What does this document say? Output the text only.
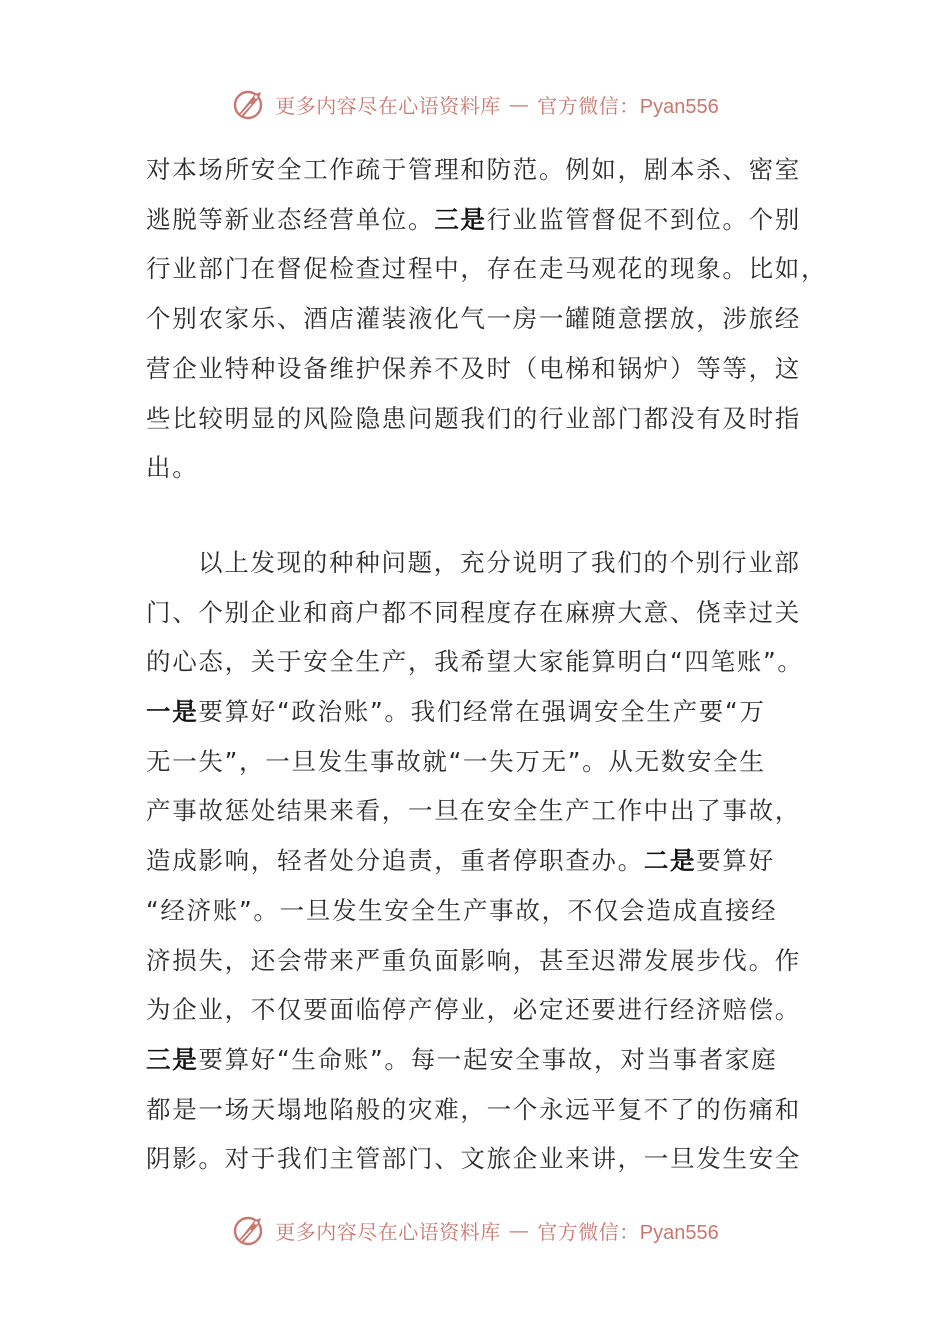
更多内容尽在心语资料库 — 官方微信：Pyan556
对本场所安全工作疏于管理和防范。例如，剧本杀、密室
逃脱等新业态经营单位。三是行业监管督促不到位。个别
行业部门在督促检查过程中，存在走马观花的现象。比如，
个别农家乐、酒店灌装液化气一房一罐随意摆放，涉旅经
营企业特种设备维护保养不及时（电梯和锅炉）等等，这
些比较明显的风险隐患问题我们的行业部门都没有及时指
出。
以上发现的种种问题，充分说明了我们的个别行业部
门、个别企业和商户都不同程度存在麻痹大意、侥幸过关
的心态，关于安全生产，我希望大家能算明白“四笔账”。
一是要算好“政治账”。我们经常在强调安全生产要“万
无一失”，一旦发生事故就“一失万无”。从无数安全生
产事故惩处结果来看，一旦在安全生产工作中出了事故，
造成影响，轻者处分追责，重者停职查办。二是要算好
“经济账”。一旦发生安全生产事故，不仅会造成直接经
济损失，还会带来严重负面影响，甚至迟滞发展步伐。作
为企业，不仅要面临停产停业，必定还要进行经济赔偿。
三是要算好“生命账”。每一起安全事故，对当事者家庭
都是一场天塌地陷般的灾难，一个永远平复不了的伤痛和
阴影。对于我们主管部门、文旅企业来讲，一旦发生安全
更多内容尽在心语资料库 — 官方微信：Pyan556
